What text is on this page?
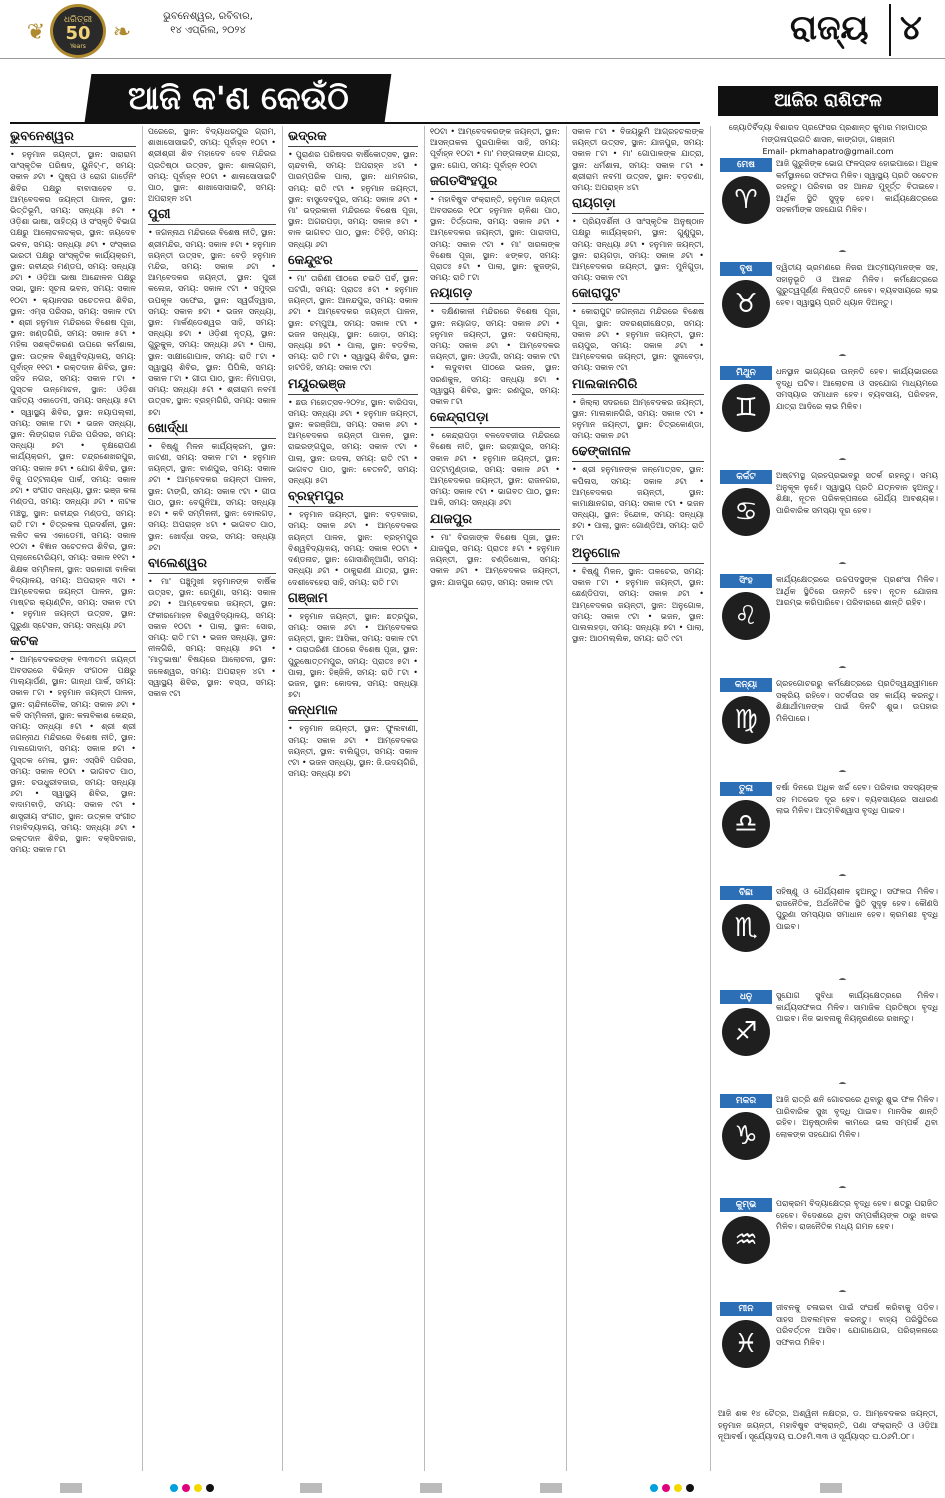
❦	ଧରିତ୍ରୀ
50
Years
❧
ଭୁବନେଶ୍ୱର, ରବିବାର,
୧୪ ଏପ୍ରିଲ, ୨୦୨୪	ରାଜ୍ୟ ୪
ଆଜି କ'ଣ କେଉଁଠି
ଭୁବନେଶ୍ୱର

• ହନୁମାନ ଜୟନ୍ତୀ, ସ୍ଥାନ: ସାରାରାମ ସାଂସ୍କୃତିକ ପରିଷଦ, ୟୁନିଟ୍-୮, ସମୟ: ସକାଳ ୬ଟା • ପୁଷ୍ପ ଓ ରୋଗ ଗାର୍ଡ଼େନିଂ ଶିବିର ପକ୍ଷରୁ ବାବାସାହେବ ଡ. ଆମ୍ବେଦକର ଜୟନ୍ତୀ ପାଳନ, ସ୍ଥାନ: ଭିତ୍ତିଭୂମି, ସମୟ: ସନ୍ଧ୍ୟା ୫ଟା • ଓଡ଼ିଶା ଭାଷା, ସାହିତ୍ୟ ଓ ସଂସ୍କୃତି ବିଭାଗ ପକ୍ଷରୁ ଆଲୋଚନାଚକ୍ର, ସ୍ଥାନ: ଜୟଦେବ ଭବନ, ସମୟ: ସନ୍ଧ୍ୟା ୬ଟା • ସଂସ୍କାର ଭାରତୀ ପକ୍ଷରୁ ସାଂସ୍କୃତିକ କାର୍ଯ୍ୟକ୍ରମ, ସ୍ଥାନ: ରବୀନ୍ଦ୍ର ମଣ୍ଡପ, ସମୟ: ସନ୍ଧ୍ୟା ୬ଟା • ଓଡ଼ିଆ ଭାଷା ଆନ୍ଦୋଳନ ପକ୍ଷରୁ ସଭା, ସ୍ଥାନ: ସୂଚନା ଭବନ, ସମୟ: ସକାଳ ୧୦ଟା • କ୍ୟାନସର ସଚେତନତା ଶିବିର, ସ୍ଥାନ: ଏମ୍ସ ପରିସର, ସମୟ: ସକାଳ ୯ଟା • ଶ୍ରୀ ହନୁମାନ ମନ୍ଦିରରେ ବିଶେଷ ପୂଜା, ସ୍ଥାନ: ଖଣ୍ଡଗିରି, ସମୟ: ସକାଳ ୫ଟା • ମହିଳା ସଶକ୍ତିକରଣ ଉପରେ କର୍ମଶାଳା, ସ୍ଥାନ: ଉତ୍କଳ ବିଶ୍ୱବିଦ୍ୟାଳୟ, ସମୟ: ପୂର୍ବାହ୍ନ ୧୧ଟା • ରକ୍ତଦାନ ଶିବିର, ସ୍ଥାନ: ସହିଦ ନଗର, ସମୟ: ସକାଳ ୮ଟା • ପୁସ୍ତକ ଉନ୍ମୋଚନ, ସ୍ଥାନ: ଓଡ଼ିଶା ସାହିତ୍ୟ ଏକାଡେମୀ, ସମୟ: ସନ୍ଧ୍ୟା ୫ଟା • ସ୍ୱାସ୍ଥ୍ୟ ଶିବିର, ସ୍ଥାନ: ନୟାପଲ୍ଲୀ, ସମୟ: ସକାଳ ୮ଟା • ଭଜନ ସନ୍ଧ୍ୟା, ସ୍ଥାନ: ଲିଙ୍ଗରାଜ ମନ୍ଦିର ପରିସର, ସମୟ: ସନ୍ଧ୍ୟା ୭ଟା • ବୃକ୍ଷରୋପଣ କାର୍ଯ୍ୟକ୍ରମ, ସ୍ଥାନ: ଚନ୍ଦ୍ରଶେଖରପୁର, ସମୟ: ସକାଳ ୭ଟା • ଯୋଗ ଶିବିର, ସ୍ଥାନ: ବିଜୁ ପଟ୍ଟନାୟକ ପାର୍କ, ସମୟ: ସକାଳ ୬ଟା • ସଂଗୀତ ସନ୍ଧ୍ୟା, ସ୍ଥାନ: ଭଞ୍ଜ କଳା ମଣ୍ଡପ, ସମୟ: ସନ୍ଧ୍ୟା ୬ଟା • ନାଟକ ମଞ୍ଚସ୍ଥ, ସ୍ଥାନ: ରବୀନ୍ଦ୍ର ମଣ୍ଡପ, ସମୟ: ରାତି ୮ଟା • ଚିତ୍ରକଳା ପ୍ରଦର୍ଶନୀ, ସ୍ଥାନ: ଲଳିତ କଳା ଏକାଡେମୀ, ସମୟ: ସକାଳ ୧୦ଟା • ବିଜ୍ଞାନ ସଚେତନତା ଶିବିର, ସ୍ଥାନ: ପ୍ଲାନେଟୋରିୟମ, ସମୟ: ସକାଳ ୧୧ଟା • ଶିକ୍ଷକ ସମ୍ମିଳନୀ, ସ୍ଥାନ: ସରକାରୀ ବାଳିକା ବିଦ୍ୟାଳୟ, ସମୟ: ଅପରାହ୍ନ ୩ଟା • ଆମ୍ବେଦକର ଜୟନ୍ତୀ ପାଳନ, ସ୍ଥାନ: ମାଷ୍ଟର କ୍ୟାଣ୍ଟିନ, ସମୟ: ସକାଳ ୯ଟା • ହନୁମାନ ଜୟନ୍ତୀ ଉତ୍ସବ, ସ୍ଥାନ: ପୁରୁଣା ସ୍ଟେସନ, ସମୟ: ସନ୍ଧ୍ୟା ୬ଟା

କଟକ

• ଆମ୍ବେଦକରଙ୍କ ୧୩୩ତମ ଜୟନ୍ତୀ ଅବସରରେ ବିଭିନ୍ନ ସଂଗଠନ ପକ୍ଷରୁ ମାଲ୍ୟାର୍ପଣ, ସ୍ଥାନ: ଗାନ୍ଧୀ ପାର୍କ, ସମୟ: ସକାଳ ୮ଟା • ହନୁମାନ ଜୟନ୍ତୀ ପାଳନ, ସ୍ଥାନ: ଚାନ୍ଦିନୀଚୌକ, ସମୟ: ସକାଳ ୬ଟା • କବି ସମ୍ମିଳନୀ, ସ୍ଥାନ: କଳାବିକାଶ କେନ୍ଦ୍ର, ସମୟ: ସନ୍ଧ୍ୟା ୫ଟା • ଶ୍ରୀ ଶ୍ରୀ ଜଗନ୍ନାଥ ମନ୍ଦିରରେ ବିଶେଷ ନୀତି, ସ୍ଥାନ: ମାଲଗୋଦାମ, ସମୟ: ସକାଳ ୭ଟା • ପୁସ୍ତକ ମେଳା, ସ୍ଥାନ: ଏସ୍‌ସିବି ପରିସର, ସମୟ: ସକାଳ ୧୦ଟା • ଭାଗବତ ପାଠ, ସ୍ଥାନ: ଚଉଧୁରୀବଜାର, ସମୟ: ସନ୍ଧ୍ୟା ୬ଟା • ସ୍ୱାସ୍ଥ୍ୟ ଶିବିର, ସ୍ଥାନ: ବାଦାମବାଡ଼ି, ସମୟ: ସକାଳ ୯ଟା • ଶାସ୍ତ୍ରୀୟ ସଂଗୀତ, ସ୍ଥାନ: ଉତ୍କଳ ସଂଗୀତ ମହାବିଦ୍ୟାଳୟ, ସମୟ: ସନ୍ଧ୍ୟା ୬ଟା • ରକ୍ତଦାନ ଶିବିର, ସ୍ଥାନ: ବକ୍ସିବଜାର, ସମୟ: ସକାଳ ୮ଟା

ପରେରେ, ସ୍ଥାନ: ବିଦ୍ୟାଧରପୁର ଗ୍ରାମ, ଶାଖାସୋସାଇଟି, ସମୟ: ପୂର୍ବାହ୍ନ ୧୦ଟା • ଶ୍ରୀଶ୍ରୀ ଶିବ ମହାଦେବ ଦେବ ମନ୍ଦିରର ପ୍ରତିଷ୍ଠା ଉତ୍ସବ, ସ୍ଥାନ: ଶାଳାଗ୍ରାମ, ସମୟ: ପୂର୍ବାହ୍ନ ୧୦ଟା • ଶାଳାସୋସାଇଟି ପାଠ, ସ୍ଥାନ: ଶାଖାସୋସାଇଟି, ସମୟ: ଅପରାହ୍ନ ୪ଟା

ପୁରୀ

• ଜଗନ୍ନାଥ ମନ୍ଦିରରେ ବିଶେଷ ନୀତି, ସ୍ଥାନ: ଶ୍ରୀମନ୍ଦିର, ସମୟ: ସକାଳ ୫ଟା • ହନୁମାନ ଜୟନ୍ତୀ ଉତ୍ସବ, ସ୍ଥାନ: ବେଡ଼ି ହନୁମାନ ମନ୍ଦିର, ସମୟ: ସକାଳ ୬ଟା • ଆମ୍ବେଦକର ଜୟନ୍ତୀ, ସ୍ଥାନ: ପୁରୀ କଲେଜ, ସମୟ: ସକାଳ ୯ଟା • ସମୁଦ୍ର ଉପକୂଳ ସଫେଇ, ସ୍ଥାନ: ସ୍ୱର୍ଗଦ୍ୱାର, ସମୟ: ସକାଳ ୭ଟା • ଭଜନ ସନ୍ଧ୍ୟା, ସ୍ଥାନ: ମାର୍କଣ୍ଡେଶ୍ୱର ସାହି, ସମୟ: ସନ୍ଧ୍ୟା ୭ଟା • ଓଡ଼ିଶୀ ନୃତ୍ୟ, ସ୍ଥାନ: ଗୁରୁକୁଳ, ସମୟ: ସନ୍ଧ୍ୟା ୬ଟା • ପାଲା, ସ୍ଥାନ: ସାକ୍ଷୀଗୋପାଳ, ସମୟ: ରାତି ୮ଟା • ସ୍ୱାସ୍ଥ୍ୟ ଶିବିର, ସ୍ଥାନ: ପିପିଲି, ସମୟ: ସକାଳ ୮ଟା • ଗୀତା ପାଠ, ସ୍ଥାନ: ନିମାପଡ଼ା, ସମୟ: ସନ୍ଧ୍ୟା ୫ଟା • ଶ୍ରୀରାମ ନବମୀ ଉତ୍ସବ, ସ୍ଥାନ: ବ୍ରହ୍ମଗିରି, ସମୟ: ସକାଳ ୭ଟା

ଖୋର୍ଦ୍ଧା

• ବିଷ୍ଣୁ ମିଳନ କାର୍ଯ୍ୟକ୍ରମ, ସ୍ଥାନ: ଜାଟଣୀ, ସମୟ: ସକାଳ ୮ଟା • ହନୁମାନ ଜୟନ୍ତୀ, ସ୍ଥାନ: ବାଣପୁର, ସମୟ: ସକାଳ ୬ଟା • ଆମ୍ବେଦକର ଜୟନ୍ତୀ ପାଳନ, ସ୍ଥାନ: ଟାଙ୍ଗି, ସମୟ: ସକାଳ ୯ଟା • ଗୀତା ପାଠ, ସ୍ଥାନ: ବେଗୁନିଆ, ସମୟ: ସନ୍ଧ୍ୟା ୫ଟା • କବି ସମ୍ମିଳନୀ, ସ୍ଥାନ: ବୋଲଗଡ଼, ସମୟ: ଅପରାହ୍ନ ୪ଟା • ଭାଗବତ ପାଠ, ସ୍ଥାନ: ଖୋର୍ଦ୍ଧା ସହର, ସମୟ: ସନ୍ଧ୍ୟା ୬ଟା

ବାଲେଶ୍ୱର

• ମା' ପଞ୍ଚୁମୁଖୀ ହନୁମାନଙ୍କ ବାର୍ଷିକ ଉତ୍ସବ, ସ୍ଥାନ: ରେମୁଣା, ସମୟ: ସକାଳ ୬ଟା • ଆମ୍ବେଦକର ଜୟନ୍ତୀ, ସ୍ଥାନ: ଫକୀରମୋହନ ବିଶ୍ୱବିଦ୍ୟାଳୟ, ସମୟ: ସକାଳ ୧୦ଟା • ପାଲା, ସ୍ଥାନ: ସୋର, ସମୟ: ରାତି ୮ଟା • ଭଜନ ସନ୍ଧ୍ୟା, ସ୍ଥାନ: ନୀଳଗିରି, ସମୟ: ସନ୍ଧ୍ୟା ୭ଟା • 'ମାତୃଭାଷା' ବିଷୟରେ ଆଲୋଚନା, ସ୍ଥାନ: ଜଳେଶ୍ୱର, ସମୟ: ଅପରାହ୍ନ ୪ଟା • ସ୍ୱାସ୍ଥ୍ୟ ଶିବିର, ସ୍ଥାନ: ବସ୍ତା, ସମୟ: ସକାଳ ୯ଟା

ଭଦ୍ରକ

• ପୁରାଣର ପରିଷଦର ବାର୍ଷିକୋତ୍ସବ, ସ୍ଥାନ: ଚାନ୍ଦବାଲି, ସମୟ: ଅପରାହ୍ନ ୪ଟା • ପାରମ୍ପରିକ ପାଲା, ସ୍ଥାନ: ଧାମନଗର, ସମୟ: ରାତି ୯ଟା • ହନୁମାନ ଜୟନ୍ତୀ, ସ୍ଥାନ: ବାସୁଦେବପୁର, ସମୟ: ସକାଳ ୬ଟା • ମା' ଭଦ୍ରକାଳୀ ମନ୍ଦିରରେ ବିଶେଷ ପୂଜା, ସ୍ଥାନ: ଅଗରପଡ଼ା, ସମୟ: ସକାଳ ୫ଟା • ବାଳ ଭାଗବତ ପାଠ, ସ୍ଥାନ: ତିହିଡ଼ି, ସମୟ: ସନ୍ଧ୍ୟା ୬ଟା

କେନ୍ଦୁଝର

• ମା' ତାରିଣୀ ପୀଠରେ ଚଇତି ପର୍ବ, ସ୍ଥାନ: ଘଟଗାଁ, ସମୟ: ପ୍ରାତଃ ୫ଟା • ହନୁମାନ ଜୟନ୍ତୀ, ସ୍ଥାନ: ଆନନ୍ଦପୁର, ସମୟ: ସକାଳ ୬ଟା • ଆମ୍ବେଦକର ଜୟନ୍ତୀ ପାଳନ, ସ୍ଥାନ: ଚମ୍ପୁଆ, ସମୟ: ସକାଳ ୯ଟା • ଭଜନ ସନ୍ଧ୍ୟା, ସ୍ଥାନ: ଜୋଡ଼ା, ସମୟ: ସନ୍ଧ୍ୟା ୭ଟା • ପାଲା, ସ୍ଥାନ: ବଡ଼ବିଲ, ସମୟ: ରାତି ୮ଟା • ସ୍ୱାସ୍ଥ୍ୟ ଶିବିର, ସ୍ଥାନ: ହାଟଡିହି, ସମୟ: ସକାଳ ୯ଟା

ମୟୂରଭଞ୍ଜ

• ଛଉ ମହୋତ୍ସବ-୨୦୨୪, ସ୍ଥାନ: ବାରିପଦା, ସମୟ: ସନ୍ଧ୍ୟା ୬ଟା • ହନୁମାନ ଜୟନ୍ତୀ, ସ୍ଥାନ: କରଞ୍ଜିଆ, ସମୟ: ସକାଳ ୬ଟା • ଆମ୍ବେଦକର ଜୟନ୍ତୀ ପାଳନ, ସ୍ଥାନ: ରାଇରଙ୍ଗପୁର, ସମୟ: ସକାଳ ୯ଟା • ପାଲା, ସ୍ଥାନ: ଉଦଳା, ସମୟ: ରାତି ୯ଟା • ଭାଗବତ ପାଠ, ସ୍ଥାନ: ବେତନଟି, ସମୟ: ସନ୍ଧ୍ୟା ୫ଟା

ବ୍ରହ୍ମପୁର

• ହନୁମାନ ଜୟନ୍ତୀ, ସ୍ଥାନ: ବଡ଼ବଜାର, ସମୟ: ସକାଳ ୬ଟା • ଆମ୍ବେଦକର ଜୟନ୍ତୀ ପାଳନ, ସ୍ଥାନ: ବ୍ରହ୍ମପୁର ବିଶ୍ୱବିଦ୍ୟାଳୟ, ସମୟ: ସକାଳ ୧୦ଟା • ଦଣ୍ଡନାଚ, ସ୍ଥାନ: ଗୋସାଣିନୂଆଗାଁ, ସମୟ: ସନ୍ଧ୍ୟା ୬ଟା • ଠାକୁରାଣୀ ଯାତ୍ରା, ସ୍ଥାନ: ଦେଶୀବେହେରା ସାହି, ସମୟ: ରାତି ୮ଟା

ଗଞ୍ଜାମ

• ହନୁମାନ ଜୟନ୍ତୀ, ସ୍ଥାନ: ଛତ୍ରପୁର, ସମୟ: ସକାଳ ୬ଟା • ଆମ୍ବେଦକର ଜୟନ୍ତୀ, ସ୍ଥାନ: ଆସିକା, ସମୟ: ସକାଳ ୯ଟା • ତାରାତାରିଣୀ ପୀଠରେ ବିଶେଷ ପୂଜା, ସ୍ଥାନ: ପୁରୁଷୋତ୍ତମପୁର, ସମୟ: ପ୍ରାତଃ ୫ଟା • ପାଲା, ସ୍ଥାନ: ହିଞ୍ଜିଳି, ସମୟ: ରାତି ୮ଟା • ଭଜନ, ସ୍ଥାନ: କୋଦଳା, ସମୟ: ସନ୍ଧ୍ୟା ୭ଟା

କନ୍ଧମାଳ

• ହନୁମାନ ଜୟନ୍ତୀ, ସ୍ଥାନ: ଫୁଲବାଣୀ, ସମୟ: ସକାଳ ୬ଟା • ଆମ୍ବେଦକର ଜୟନ୍ତୀ, ସ୍ଥାନ: ବାଲିଗୁଡ଼ା, ସମୟ: ସକାଳ ୯ଟା • ଭଜନ ସନ୍ଧ୍ୟା, ସ୍ଥାନ: ଜି.ଉଦୟଗିରି, ସମୟ: ସନ୍ଧ୍ୟା ୭ଟା

୧୦ଟା • ଆମ୍ବେଦକରଙ୍କ ଜୟନ୍ତୀ, ସ୍ଥାନ: ଆସନ୍ତାକଲ ପୁରପାଳିକା ସାହି, ସମୟ: ପୂର୍ବାହ୍ନ ୧୦ଟା • ମା' ମଙ୍ଗଳାଙ୍କ ଯାତ୍ରା, ସ୍ଥାନ: ଗୋପ, ସମୟ: ପୂର୍ବାହ୍ନ ୧୦ଟା

ଜଗତସିଂହପୁର

• ମହାବିଷୁବ ସଂକ୍ରାନ୍ତି, ହନୁମାନ ଜୟନ୍ତୀ ଅବସରରେ ୧୦୮ ହନୁମାନ ଚାଳିଶା ପାଠ, ସ୍ଥାନ: ତିର୍ତ୍ତୋଲ, ସମୟ: ସକାଳ ୬ଟା • ଆମ୍ବେଦକର ଜୟନ୍ତୀ, ସ୍ଥାନ: ପାରାଦୀପ, ସମୟ: ସକାଳ ୯ଟା • ମା' ସାରଳାଙ୍କ ବିଶେଷ ପୂଜା, ସ୍ଥାନ: ଝଙ୍କଡ଼, ସମୟ: ପ୍ରାତଃ ୫ଟା • ପାଲା, ସ୍ଥାନ: କୁଜଙ୍ଗ, ସମୟ: ରାତି ୮ଟା

ନୟାଗଡ଼

• ଦକ୍ଷିଣକାଳୀ ମନ୍ଦିରରେ ବିଶେଷ ପୂଜା, ସ୍ଥାନ: ନୟାଗଡ଼, ସମୟ: ସକାଳ ୬ଟା • ହନୁମାନ ଜୟନ୍ତୀ, ସ୍ଥାନ: ଦଶପଲ୍ଲା, ସମୟ: ସକାଳ ୬ଟା • ଆମ୍ବେଦକର ଜୟନ୍ତୀ, ସ୍ଥାନ: ଓଡ଼ଗାଁ, ସମୟ: ସକାଳ ୯ଟା • ଲଦୁବାବା ପୀଠରେ ଭଜନ, ସ୍ଥାନ: ସରଣକୁଳ, ସମୟ: ସନ୍ଧ୍ୟା ୭ଟା • ସ୍ୱାସ୍ଥ୍ୟ ଶିବିର, ସ୍ଥାନ: ରଣପୁର, ସମୟ: ସକାଳ ୮ଟା

କେନ୍ଦ୍ରାପଡ଼ା

• କେନ୍ଦ୍ରାପଡ଼ା ବଳଦେବଜୀଉ ମନ୍ଦିରରେ ବିଶେଷ ନୀତି, ସ୍ଥାନ: ଇଚ୍ଛାପୁର, ସମୟ: ସକାଳ ୬ଟା • ହନୁମାନ ଜୟନ୍ତୀ, ସ୍ଥାନ: ପଟ୍ଟାମୁଣ୍ଡାଇ, ସମୟ: ସକାଳ ୬ଟା • ଆମ୍ବେଦକର ଜୟନ୍ତୀ, ସ୍ଥାନ: ରାଜନଗର, ସମୟ: ସକାଳ ୯ଟା • ଭାଗବତ ପାଠ, ସ୍ଥାନ: ଆଳି, ସମୟ: ସନ୍ଧ୍ୟା ୬ଟା

ଯାଜପୁର

• ମା' ବିରଜାଙ୍କ ବିଶେଷ ପୂଜା, ସ୍ଥାନ: ଯାଜପୁର, ସମୟ: ପ୍ରାତଃ ୫ଟା • ହନୁମାନ ଜୟନ୍ତୀ, ସ୍ଥାନ: ଚଣ୍ଡିଖୋଲ, ସମୟ: ସକାଳ ୬ଟା • ଆମ୍ବେଦକର ଜୟନ୍ତୀ, ସ୍ଥାନ: ଯାଜପୁର ରୋଡ଼, ସମୟ: ସକାଳ ୯ଟା

ସକାଳ ୮ଟା • ବିଜୟଭୁମି ଆଗ୍ରହଚଲଙ୍କ ଜୟନ୍ତୀ ଉତ୍ସବ, ସ୍ଥାନ: ଯାଜପୁର, ସମୟ: ସକାଳ ୮ଟା • ମା' ଗୋପାଳଙ୍କ ଯାତ୍ରା, ସ୍ଥାନ: ଧର୍ମଶାଳା, ସମୟ: ସକାଳ ୮ଟା • ଶ୍ରୀରାମ ନବମୀ ଉତ୍ସବ, ସ୍ଥାନ: ବଡ଼ଚଣା, ସମୟ: ଅପରାହ୍ନ ୪ଟା

ରାୟଗଡ଼ା

• ପ୍ରିୟଦର୍ଶିନୀ ଓ ସାଂସ୍କୃତିକ ଅନୁଷ୍ଠାନ ପକ୍ଷରୁ କାର୍ଯ୍ୟକ୍ରମ, ସ୍ଥାନ: ଗୁଣୁପୁର, ସମୟ: ସନ୍ଧ୍ୟା ୬ଟା • ହନୁମାନ ଜୟନ୍ତୀ, ସ୍ଥାନ: ରାୟଗଡ଼ା, ସମୟ: ସକାଳ ୬ଟା • ଆମ୍ବେଦକର ଜୟନ୍ତୀ, ସ୍ଥାନ: ମୁନିଗୁଡ଼ା, ସମୟ: ସକାଳ ୯ଟା

କୋରାପୁଟ

• କୋରାପୁଟ ଜଗନ୍ନାଥ ମନ୍ଦିରରେ ବିଶେଷ ପୂଜା, ସ୍ଥାନ: ସବରଶ୍ରୀକ୍ଷେତ୍ର, ସମୟ: ସକାଳ ୬ଟା • ହନୁମାନ ଜୟନ୍ତୀ, ସ୍ଥାନ: ଜୟପୁର, ସମୟ: ସକାଳ ୬ଟା • ଆମ୍ବେଦକର ଜୟନ୍ତୀ, ସ୍ଥାନ: ସୁନାବେଡ଼ା, ସମୟ: ସକାଳ ୯ଟା

ମାଲକାନଗିରି

• ଜିଲ୍ଲା ସଦରରେ ଆମ୍ବେଦକର ଜୟନ୍ତୀ, ସ୍ଥାନ: ମାଲକାନଗିରି, ସମୟ: ସକାଳ ୯ଟା • ହନୁମାନ ଜୟନ୍ତୀ, ସ୍ଥାନ: ଚିତ୍ରକୋଣ୍ଡା, ସମୟ: ସକାଳ ୬ଟା

ଢେଙ୍କାନାଳ

• ଶ୍ରୀ ହନୁମାନଙ୍କ ଜନ୍ମୋତ୍ସବ, ସ୍ଥାନ: କପିଳାସ, ସମୟ: ସକାଳ ୬ଟା • ଆମ୍ବେଦକର ଜୟନ୍ତୀ, ସ୍ଥାନ: କାମାକ୍ଷାନଗର, ସମୟ: ସକାଳ ୯ଟା • ଭଜନ ସନ୍ଧ୍ୟା, ସ୍ଥାନ: ହିନ୍ଦୋଳ, ସମୟ: ସନ୍ଧ୍ୟା ୭ଟା • ପାଲା, ସ୍ଥାନ: ଗୋଣ୍ଡିଆ, ସମୟ: ରାତି ୮ଟା

ଅନୁଗୋଳ

• ବିଷ୍ଣୁ ମିଳନ, ସ୍ଥାନ: ତାଳଚେର, ସମୟ: ସକାଳ ୮ଟା • ହନୁମାନ ଜୟନ୍ତୀ, ସ୍ଥାନ: ଛେଣ୍ଡିପଦା, ସମୟ: ସକାଳ ୬ଟା • ଆମ୍ବେଦକର ଜୟନ୍ତୀ, ସ୍ଥାନ: ଅନୁଗୋଳ, ସମୟ: ସକାଳ ୯ଟା • ଭଜନ, ସ୍ଥାନ: ପାଲଲହଡ଼ା, ସମୟ: ସନ୍ଧ୍ୟା ୭ଟା • ପାଲା, ସ୍ଥାନ: ଆଠମଲ୍ଲିକ, ସମୟ: ରାତି ୯ଟା

ଆଜିର ରାଶିଫଳ
ଜ୍ୟୋତିର୍ବିଦ୍ୟା ବିଶାରଦ ପ୍ରଫେସର ପ୍ରଶାନ୍ତ କୁମାର ମହାପାତ୍ର
ମଙ୍ଗଳାପ୍ରଗତି ଶାସନ, କାଙ୍ଗଡ଼ା, ଗଞ୍ଜାମ
Email- pkmahapatro@gmail.com
ମେଷ
♈
ଆଜି ଗୁରୁଜିଙ୍କ ଭୋଗ ଫଳପ୍ରଦ ହୋଇପାରେ। ଅଧିକ କର୍ମସ୍ଥାନରେ ସଫଳତା ମିଳିବ। ସ୍ୱାସ୍ଥ୍ୟ ପ୍ରତି ସଚେତନ ରହନ୍ତୁ। ପରିବାର ସହ ଆନନ୍ଦ ମୁହୂର୍ତ୍ତ ବିତାଇବେ। ଆର୍ଥିକ ସ୍ଥିତି ସୁଦୃଢ଼ ହେବ। କାର୍ଯ୍ୟକ୍ଷେତ୍ରରେ ସହକର୍ମୀଙ୍କ ସହଯୋଗ ମିଳିବ।
ବୃଷ
♉
ଦ୍ୱିତୀୟ ଭ୍ରମଣରେ ନିଜର ଆତ୍ମୀୟମାନଙ୍କ ସହ, ସହାନୁଭୂତି ଓ ଆନନ୍ଦ ମିଳିବ। କର୍ମକ୍ଷେତ୍ରରେ ଗୁରୁତ୍ୱପୂର୍ଣ୍ଣ ନିଷ୍ପତ୍ତି ନେବେ। ବ୍ୟବସାୟରେ ଲାଭ ହେବ। ସ୍ୱାସ୍ଥ୍ୟ ପ୍ରତି ଧ୍ୟାନ ଦିଅନ୍ତୁ।
ମିଥୁନ
♊
ଧନସ୍ଥାନ ଭାଗ୍ୟରେ ଉନ୍ନତି ହେବ। କାର୍ଯ୍ୟଭାରରେ ବୃଦ୍ଧି ଘଟିବ। ଆଲୋଚନା ଓ ସହଯୋଗ ମାଧ୍ୟମରେ ସମସ୍ୟାର ସମାଧାନ ହେବ। ବ୍ୟବସାୟ, ପରିବହନ, ଯାତ୍ରା ଆଦିରେ ଲାଭ ମିଳିବ।
କର୍କଟ
♋
ଅଷ୍ଟମସ୍ଥ ଗ୍ରହପ୍ରଭାବରୁ ସତର୍କ ରହନ୍ତୁ। ସମୟ ଅନୁକୂଳ ନୁହେଁ। ସ୍ୱାସ୍ଥ୍ୟ ପ୍ରତି ଯତ୍ନବାନ ହୁଅନ୍ତୁ। ଶିକ୍ଷା, ନୂତନ ପରିକଳ୍ପନାରେ ଧୈର୍ଯ୍ୟ ଆବଶ୍ୟକ। ପାରିବାରିକ ସମସ୍ୟା ଦୂର ହେବ।
ସିଂହ
♌
କାର୍ଯ୍ୟକ୍ଷେତ୍ରରେ ଉଚ୍ଚପଦସ୍ଥଙ୍କ ପ୍ରଶଂସା ମିଳିବ। ଆର୍ଥିକ ସ୍ଥିତିରେ ଉନ୍ନତି ହେବ। ନୂତନ ଯୋଜନା ଆରମ୍ଭ କରିପାରିବେ। ପରିବାରରେ ଶାନ୍ତି ରହିବ।
କନ୍ୟା
♍
ଗ୍ରହଗୋଚରରୁ କର୍ମକ୍ଷେତ୍ରରେ ପ୍ରତିଦ୍ୱନ୍ଦ୍ୱୀମାନେ ସକ୍ରିୟ ରହିବେ। ସତର୍କତାର ସହ କାର୍ଯ୍ୟ କରନ୍ତୁ। ଶିକ୍ଷାର୍ଥୀମାନଙ୍କ ପାଇଁ ଦିନଟି ଶୁଭ। ଉପହାର ମିଳିପାରେ।
ତୁଳା
♎
ବର୍ଷା ଦିନରେ ଅଧିକ ଖର୍ଚ୍ଚ ହେବ। ପରିବାର ସଦସ୍ୟଙ୍କ ସହ ମତଭେଦ ଦୂର ହେବ। ବ୍ୟବସାୟରେ ସାଧାରଣ ଲାଭ ମିଳିବ। ଆତ୍ମବିଶ୍ୱାସ ବୃଦ୍ଧି ପାଇବ।
ବିଛା
♏
ସହିଷ୍ଣୁ ଓ ଧୈର୍ଯ୍ୟଶୀଳ ହୁଅନ୍ତୁ। ସଫଳତା ମିଳିବ। ରାଜନୈତିକ, ଅର୍ଥନୈତିକ ସ୍ଥିତି ସୁଦୃଢ଼ ହେବ। କୌଣସି ପୁରୁଣା ସମସ୍ୟାର ସମାଧାନ ହେବ। କ୍ରମଶଃ ବୃଦ୍ଧି ପାଇବ।
ଧନୁ
♐
ସୁଯୋଗ ସୁବିଧା କାର୍ଯ୍ୟକ୍ଷେତ୍ରରେ ମିଳିବ। କାର୍ଯ୍ୟସଫଳତା ମିଳିବ। ସାମାଜିକ ପ୍ରତିଷ୍ଠା ବୃଦ୍ଧି ପାଇବ। ନିଜ ଭାବନାକୁ ନିୟନ୍ତ୍ରଣରେ ରଖନ୍ତୁ।
ମକର
♑
ଆଜି ରାତ୍ରି ଶନି ଗୋଚରରେ ଥିବାରୁ ଶୁଭ ଫଳ ମିଳିବ। ପାରିବାରିକ ସୁଖ ବୃଦ୍ଧି ପାଇବ। ମାନସିକ ଶାନ୍ତି ରହିବ। ଅନୁଷ୍ଠାନିକ କାମରେ ଭଲ ସମ୍ପର୍କ ଥିବା ଲୋକଙ୍କ ସହଯୋଗ ମିଳିବ।
କୁମ୍ଭ
♒
ପରାକ୍ରମ ବିଦ୍ୟାକ୍ଷେତ୍ର ବୃଦ୍ଧି ହେବ। ଶତ୍ରୁ ପରାଜିତ ହେବେ। ବିଦେଶରେ ଥିବା ସମ୍ପର୍କୀୟଙ୍କ ଠାରୁ ଖବର ମିଳିବ। ରାଜନୈତିକ ମଧ୍ୟ ଗମନ ହେବ।
ମୀନ
♓
ଜୀବନକୁ ଚଳାଇବା ପାଇଁ ସଂଘର୍ଷ କରିବାକୁ ପଡ଼ିବ। ସାହସ ଅବଲମ୍ବନ କରନ୍ତୁ। ବାହ୍ୟ ପରିସ୍ଥିତିରେ ପରିବର୍ତ୍ତନ ଆସିବ। ଯୋଗାଯୋଗ, ପରିଚାଳନାରେ ସଫଳତା ମିଳିବ।
ଆଜି ଶକ ୧୪ ଚୈତ୍ର, ଅଶ୍ୱିନୀ ନକ୍ଷତ୍ର, ଡ. ଆମ୍ବେଦକର ଜୟନ୍ତୀ, ହନୁମାନ ଜୟନ୍ତୀ, ମହାବିଷୁବ ସଂକ୍ରାନ୍ତି, ପଣା ସଂକ୍ରାନ୍ତି ଓ ଓଡ଼ିଆ ନୂଆବର୍ଷ। ସୂର୍ଯ୍ୟୋଦୟ ଘ.୦୫ମି.୩୩ ଓ ସୂର୍ଯ୍ୟାସ୍ତ ଘ.୦୬ମି.୦୮।
